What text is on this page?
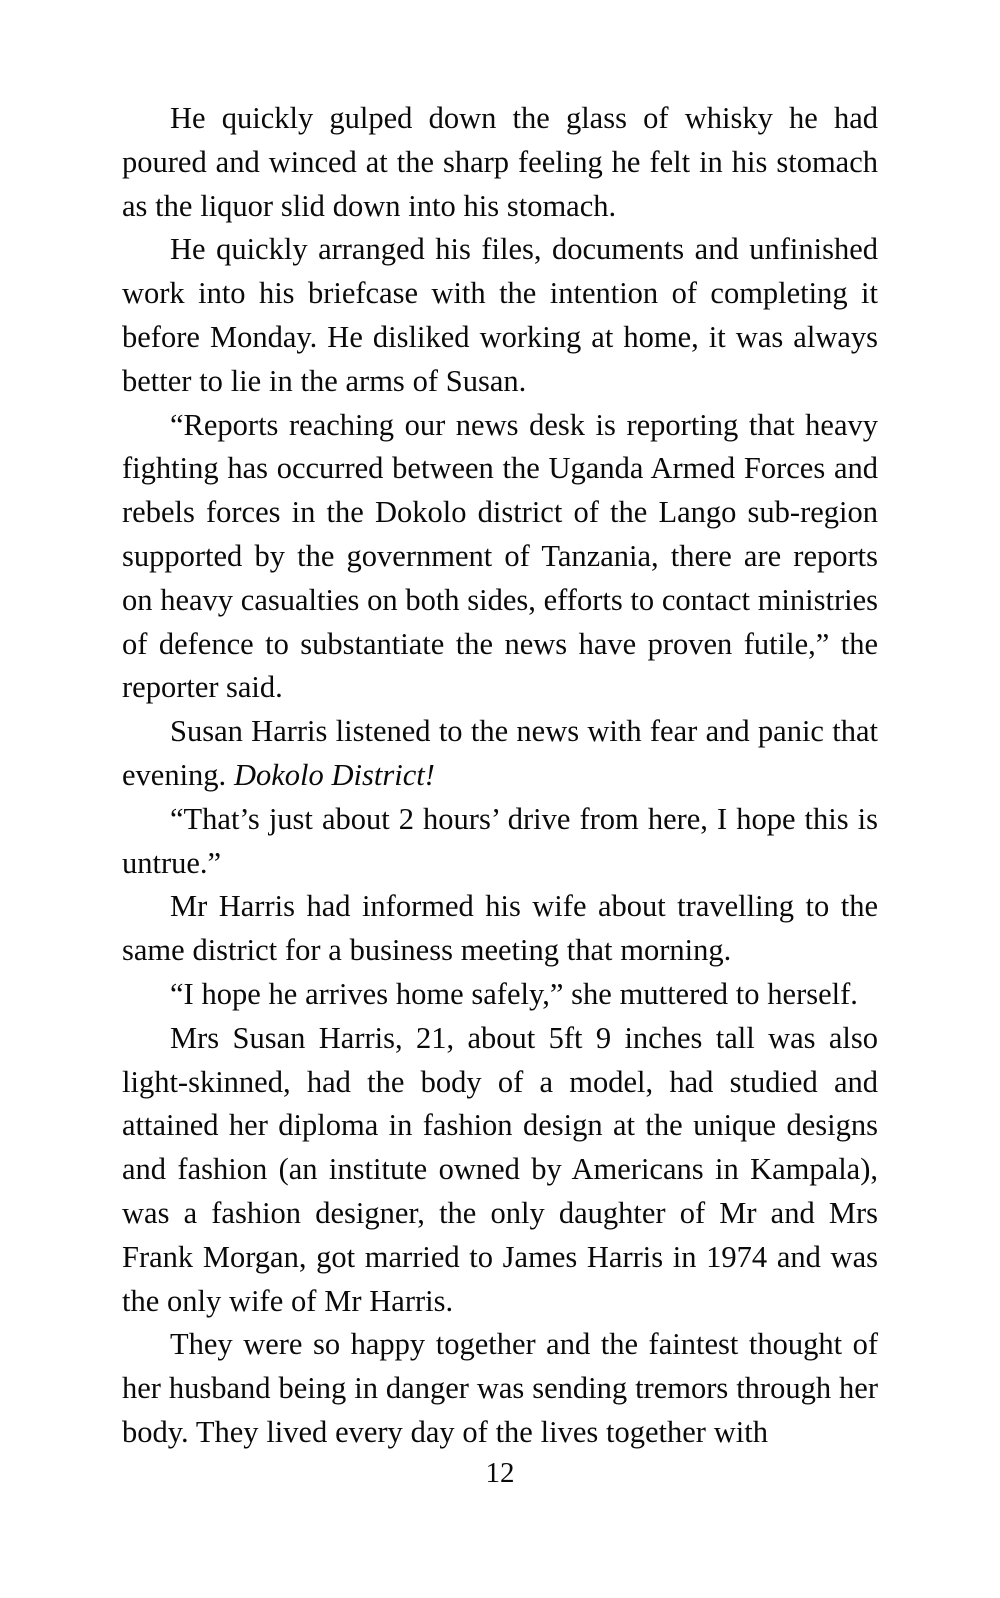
He quickly gulped down the glass of whisky he had poured and winced at the sharp feeling he felt in his stomach as the liquor slid down into his stomach.

He quickly arranged his files, documents and unfinished work into his briefcase with the intention of completing it before Monday. He disliked working at home, it was always better to lie in the arms of Susan.

“Reports reaching our news desk is reporting that heavy fighting has occurred between the Uganda Armed Forces and rebels forces in the Dokolo district of the Lango sub-region supported by the government of Tanzania, there are reports on heavy casualties on both sides, efforts to contact ministries of defence to substantiate the news have proven futile,” the reporter said.

Susan Harris listened to the news with fear and panic that evening. Dokolo District!

“That’s just about 2 hours’ drive from here, I hope this is untrue.”

Mr Harris had informed his wife about travelling to the same district for a business meeting that morning.

“I hope he arrives home safely,” she muttered to herself.

Mrs Susan Harris, 21, about 5ft 9 inches tall was also light-skinned, had the body of a model, had studied and attained her diploma in fashion design at the unique designs and fashion (an institute owned by Americans in Kampala), was a fashion designer, the only daughter of Mr and Mrs Frank Morgan, got married to James Harris in 1974 and was the only wife of Mr Harris.

They were so happy together and the faintest thought of her husband being in danger was sending tremors through her body. They lived every day of the lives together with

12
